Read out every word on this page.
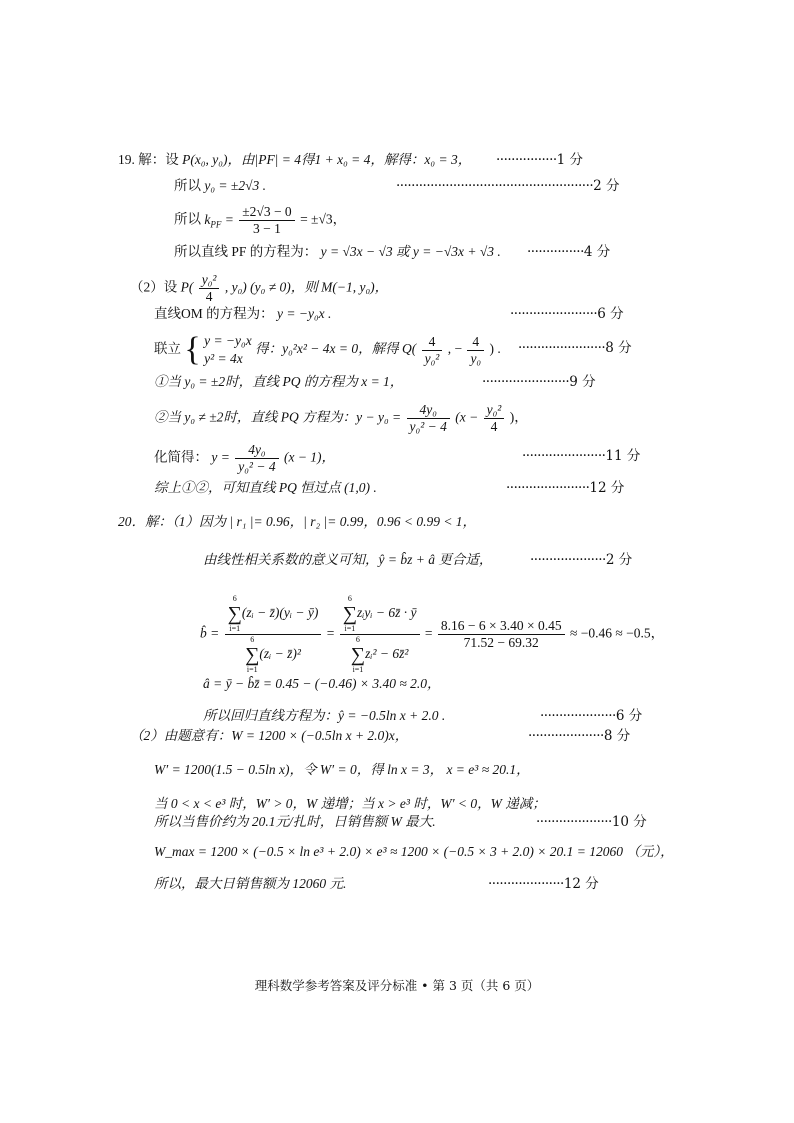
19. 解：设 P(x₀, y₀)，由|PF| = 4得1 + x₀ = 4，解得：x₀ = 3， ················1 分
所以 y₀ = ±2√3 .	····················································2 分
所以 $k_{PF} = \frac{\pm 2√3 - 0}{3 - 1} = \pm√3$，
所以直线 PF 的方程为： y = √3x − √3 或 y = −√3x + √3 . ···············4 分
（2）设 $P( \frac{\text{y₀²}}{4}$ , y₀) (y₀ ≠ 0)，则 M(−1, y₀)，
直线OM 的方程为： y = −y₀x .	·······················6 分
联立 { y = −y₀x
y² = 4x
得：y₀²x² − 4x = 0，解得 $Q( \frac{4}{\text{y₀²}}$ , − $\frac{4}{\text{y₀}}$ ) . ·······················8 分
①当 y₀ = ±2时，直线 PQ 的方程为 x = 1，	·······················9 分
②当 y₀ ≠ ±2时，直线 PQ 方程为：$y - y_0 = \frac{\text{4y₀}}{\text{y₀² − 4}} (x - \frac{\text{y₀²}}{4}$ )，
化简得： $y = \frac{\text{4y₀}}{\text{y₀² − 4}} (x - 1)$，	······················11 分
综上①②，可知直线 PQ 恒过点 (1,0) .	······················12 分
20．解：（1）因为 | r₁ |= 0.96，| r₂ |= 0.99，0.96 < 0.99 < 1，
由线性相关系数的意义可知，ŷ = b̂z + â 更合适，	····················2 分
b̂ = 6
∑
i=1
(zᵢ − z̄)(yᵢ − ȳ)
6
∑
i=1
(zᵢ − z̄)² = 6
∑
i=1
zᵢyᵢ − 6z̄ · ȳ
6
∑
i=1
zᵢ² − 6z̄² = $\frac{8.16 - 6 \times 3.40 \times 0.45}{71.52 - 69.32} \approx -0.46 \approx -0.5$，
â = ȳ − b̂z̄ = 0.45 − (−0.46) × 3.40 ≈ 2.0，
所以回归直线方程为：ŷ = −0.5ln x + 2.0 .	····················6 分
（2）由题意有：W = 1200 × (−0.5ln x + 2.0)x，	····················8 分
W′ = 1200(1.5 − 0.5ln x)，令 W′ = 0，得 ln x = 3， x = e³ ≈ 20.1，
当 0 < x < e³ 时，W′ > 0，W 递增；当 x > e³ 时，W′ < 0，W 递减；
所以当售价约为 20.1元/扎时，日销售额 W 最大.	····················10 分
W_max = 1200 × (−0.5 × ln e³ + 2.0) × e³ ≈ 1200 × (−0.5 × 3 + 2.0) × 20.1 = 12060 （元），
所以，最大日销售额为 12060 元.	····················12 分
理科数学参考答案及评分标准 • 第 3 页（共 6 页）
